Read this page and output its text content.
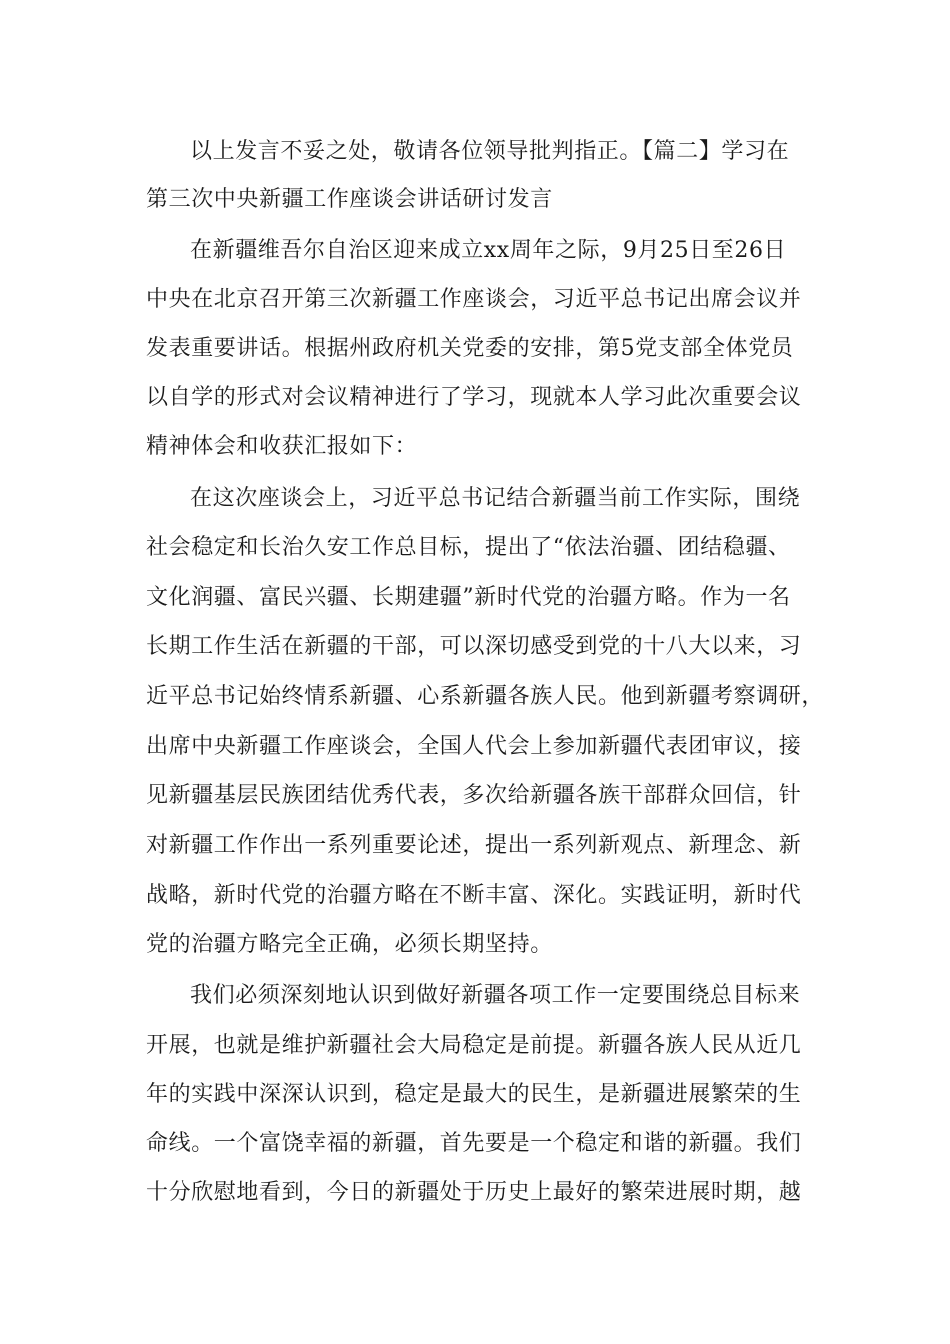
以上发言不妥之处，敬请各位领导批判指正。【篇二】学习在
第三次中央新疆工作座谈会讲话研讨发言
在新疆维吾尔自治区迎来成立xx周年之际，9月25日至26日
中央在北京召开第三次新疆工作座谈会，习近平总书记出席会议并
发表重要讲话。根据州政府机关党委的安排，第5党支部全体党员
以自学的形式对会议精神进行了学习，现就本人学习此次重要会议
精神体会和收获汇报如下：
在这次座谈会上，习近平总书记结合新疆当前工作实际，围绕
社会稳定和长治久安工作总目标，提出了“依法治疆、团结稳疆、
文化润疆、富民兴疆、长期建疆”新时代党的治疆方略。作为一名
长期工作生活在新疆的干部，可以深切感受到党的十八大以来，习
近平总书记始终情系新疆、心系新疆各族人民。他到新疆考察调研，
出席中央新疆工作座谈会，全国人代会上参加新疆代表团审议，接
见新疆基层民族团结优秀代表，多次给新疆各族干部群众回信，针
对新疆工作作出一系列重要论述，提出一系列新观点、新理念、新
战略，新时代党的治疆方略在不断丰富、深化。实践证明，新时代
党的治疆方略完全正确，必须长期坚持。
我们必须深刻地认识到做好新疆各项工作一定要围绕总目标来
开展，也就是维护新疆社会大局稳定是前提。新疆各族人民从近几
年的实践中深深认识到，稳定是最大的民生，是新疆进展繁荣的生
命线。一个富饶幸福的新疆，首先要是一个稳定和谐的新疆。我们
十分欣慰地看到，今日的新疆处于历史上最好的繁荣进展时期，越
